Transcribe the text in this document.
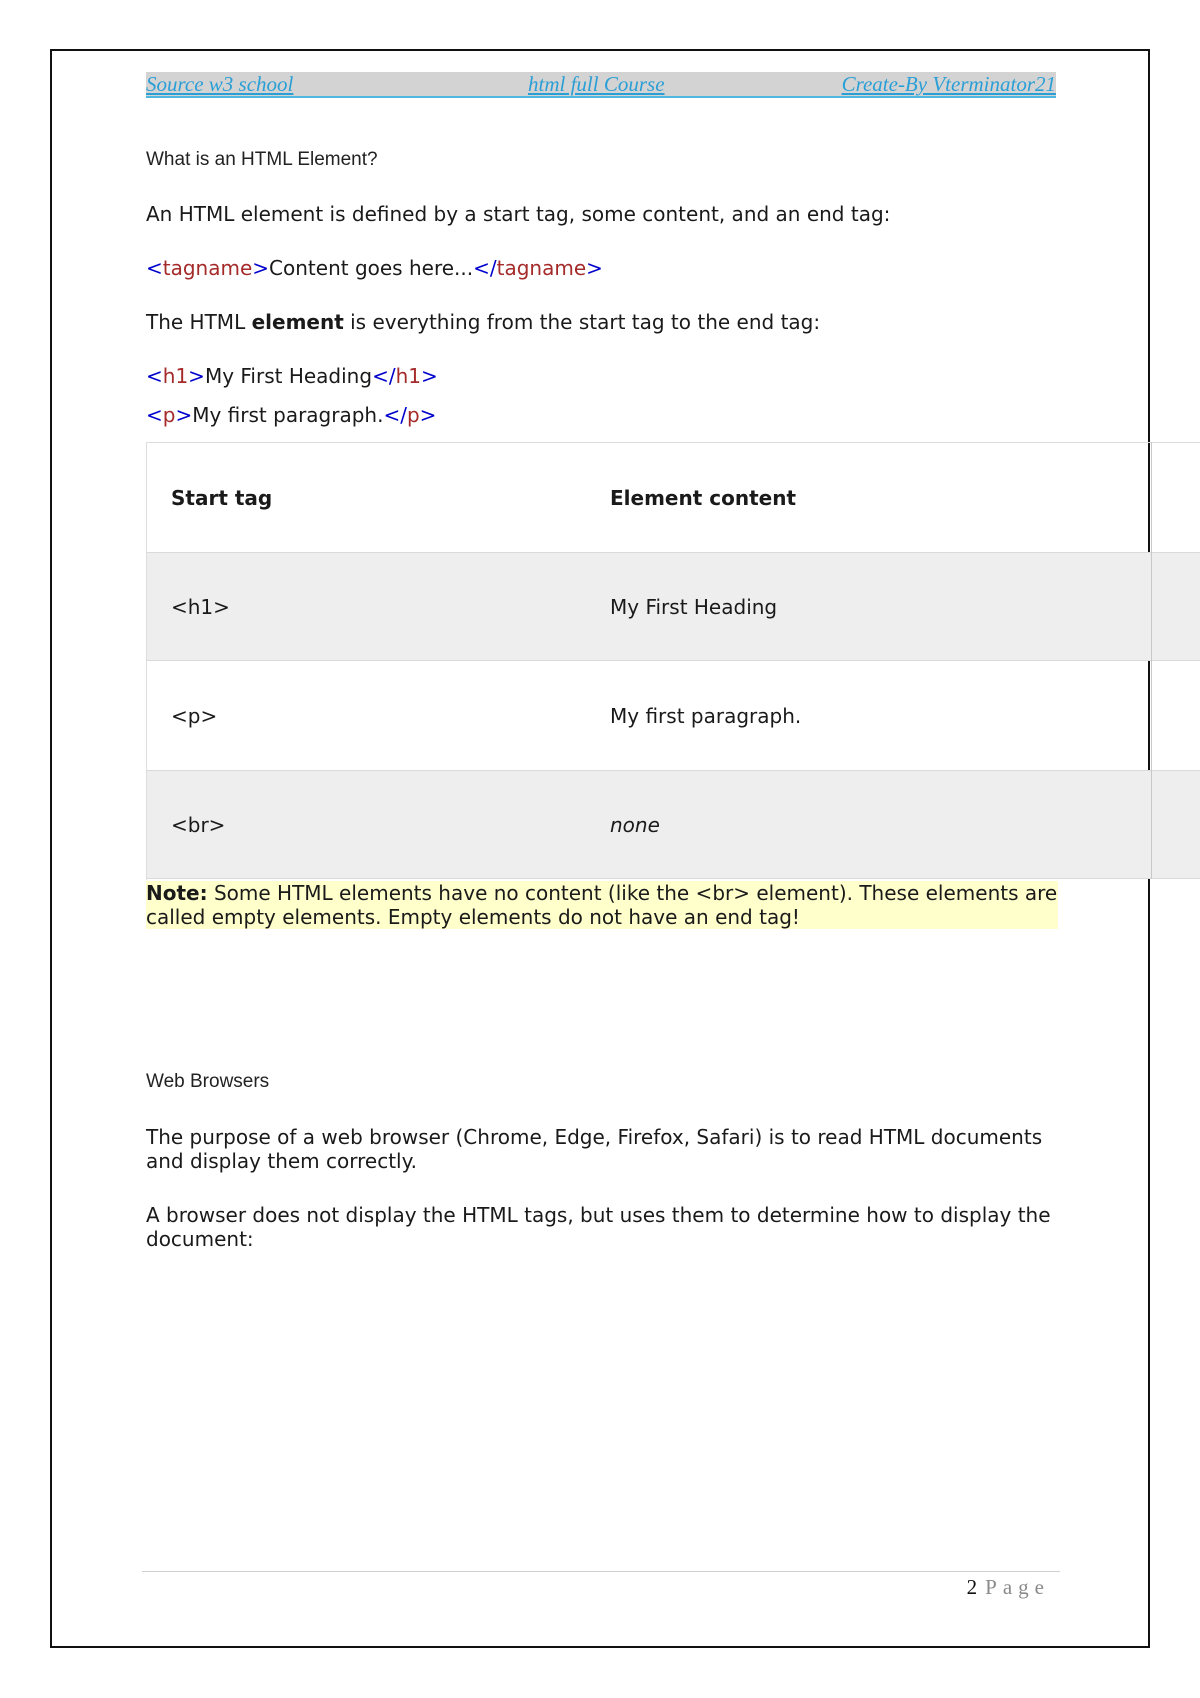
Source w3 school	html full Course	Create-By Vterminator21
What is an HTML Element?
An HTML element is defined by a start tag, some content, and an end tag:
<tagname>Content goes here...</tagname>
The HTML element is everything from the start tag to the end tag:
<h1>My First Heading</h1>
<p>My first paragraph.</p>
Start tag	Element content
<h1>	My First Heading
<p>	My first paragraph.
<br>	none
Note: Some HTML elements have no content (like the <br> element). These elements are called empty elements. Empty elements do not have an end tag!
Web Browsers
The purpose of a web browser (Chrome, Edge, Firefox, Safari) is to read HTML documents and display them correctly.
A browser does not display the HTML tags, but uses them to determine how to display the document:
2 Page
